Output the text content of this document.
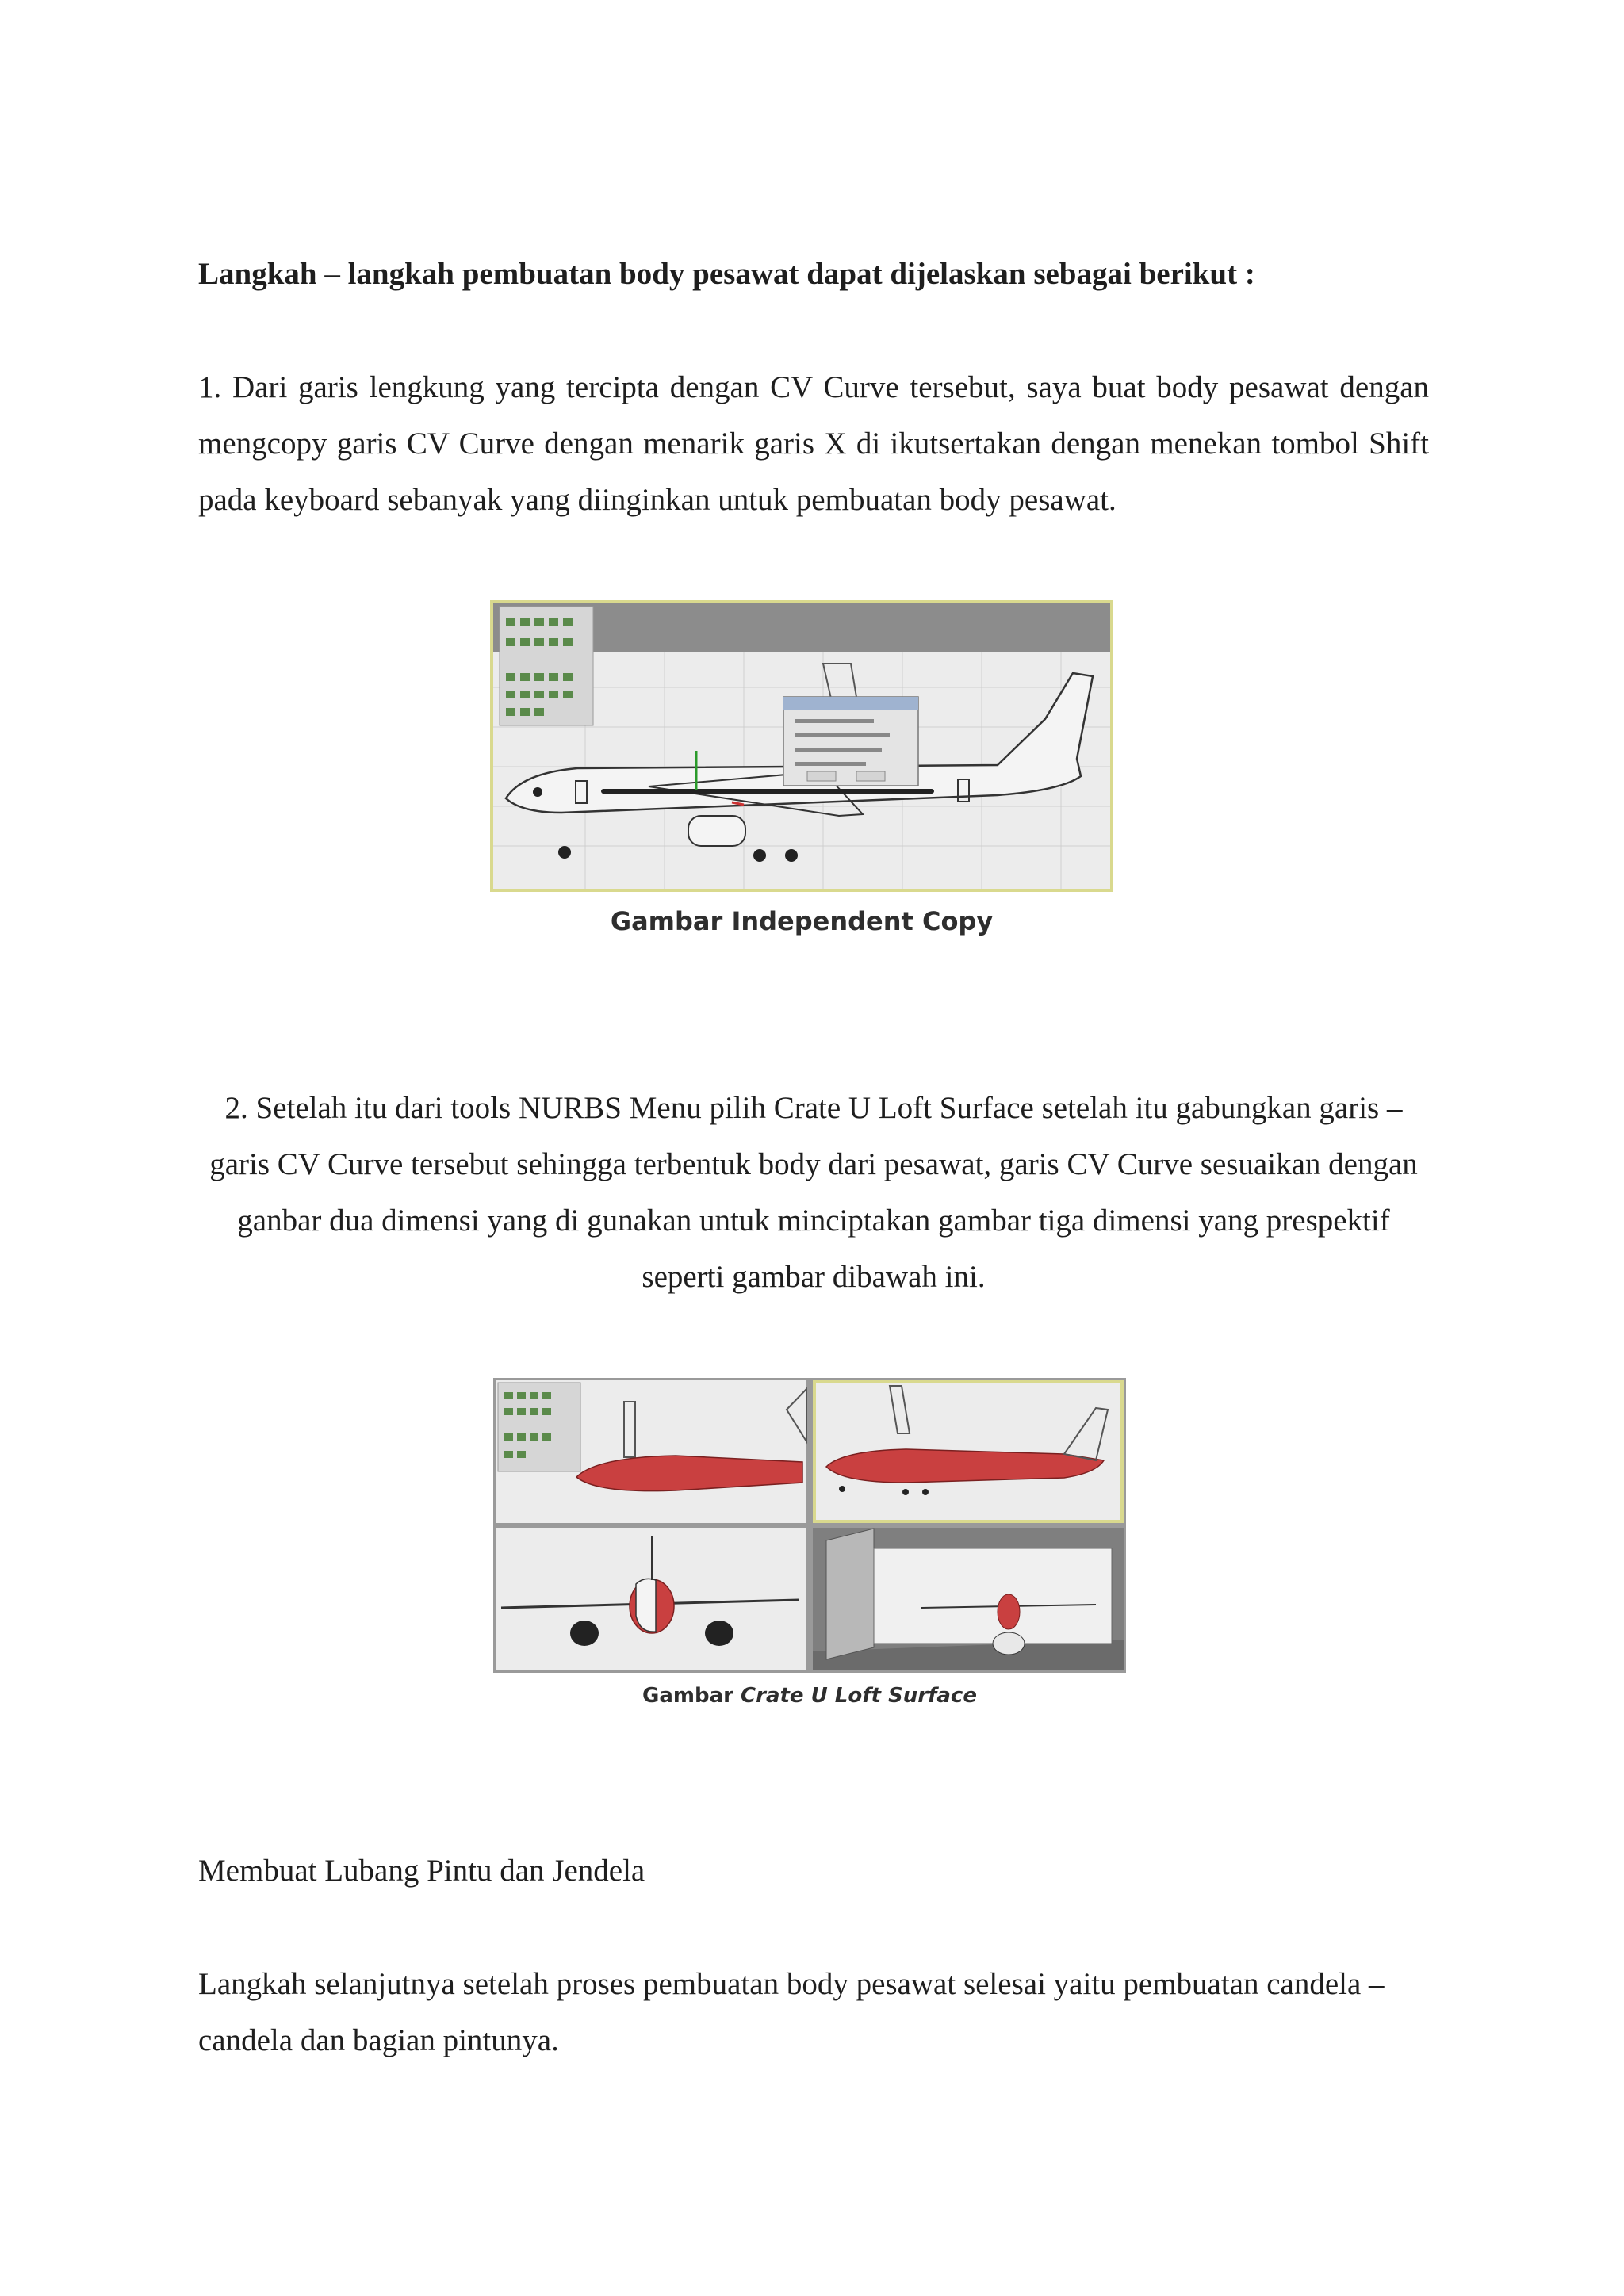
Langkah – langkah pembuatan body pesawat dapat dijelaskan sebagai berikut :
1. Dari garis lengkung yang tercipta dengan CV Curve tersebut, saya buat body pesawat dengan mengcopy garis CV Curve dengan menarik garis X di ikutsertakan dengan menekan tombol Shift pada keyboard sebanyak yang diinginkan untuk pembuatan body pesawat.
Gambar Independent Copy
2. Setelah itu dari tools NURBS Menu pilih Crate U Loft Surface setelah itu gabungkan garis – garis CV Curve tersebut sehingga terbentuk body dari pesawat, garis CV Curve sesuaikan dengan ganbar dua dimensi yang di gunakan untuk minciptakan gambar tiga dimensi yang prespektif seperti gambar dibawah ini.
Gambar Crate U Loft Surface
Membuat Lubang Pintu dan Jendela
Langkah selanjutnya setelah proses pembuatan body pesawat selesai yaitu pembuatan candela – candela dan bagian pintunya.
